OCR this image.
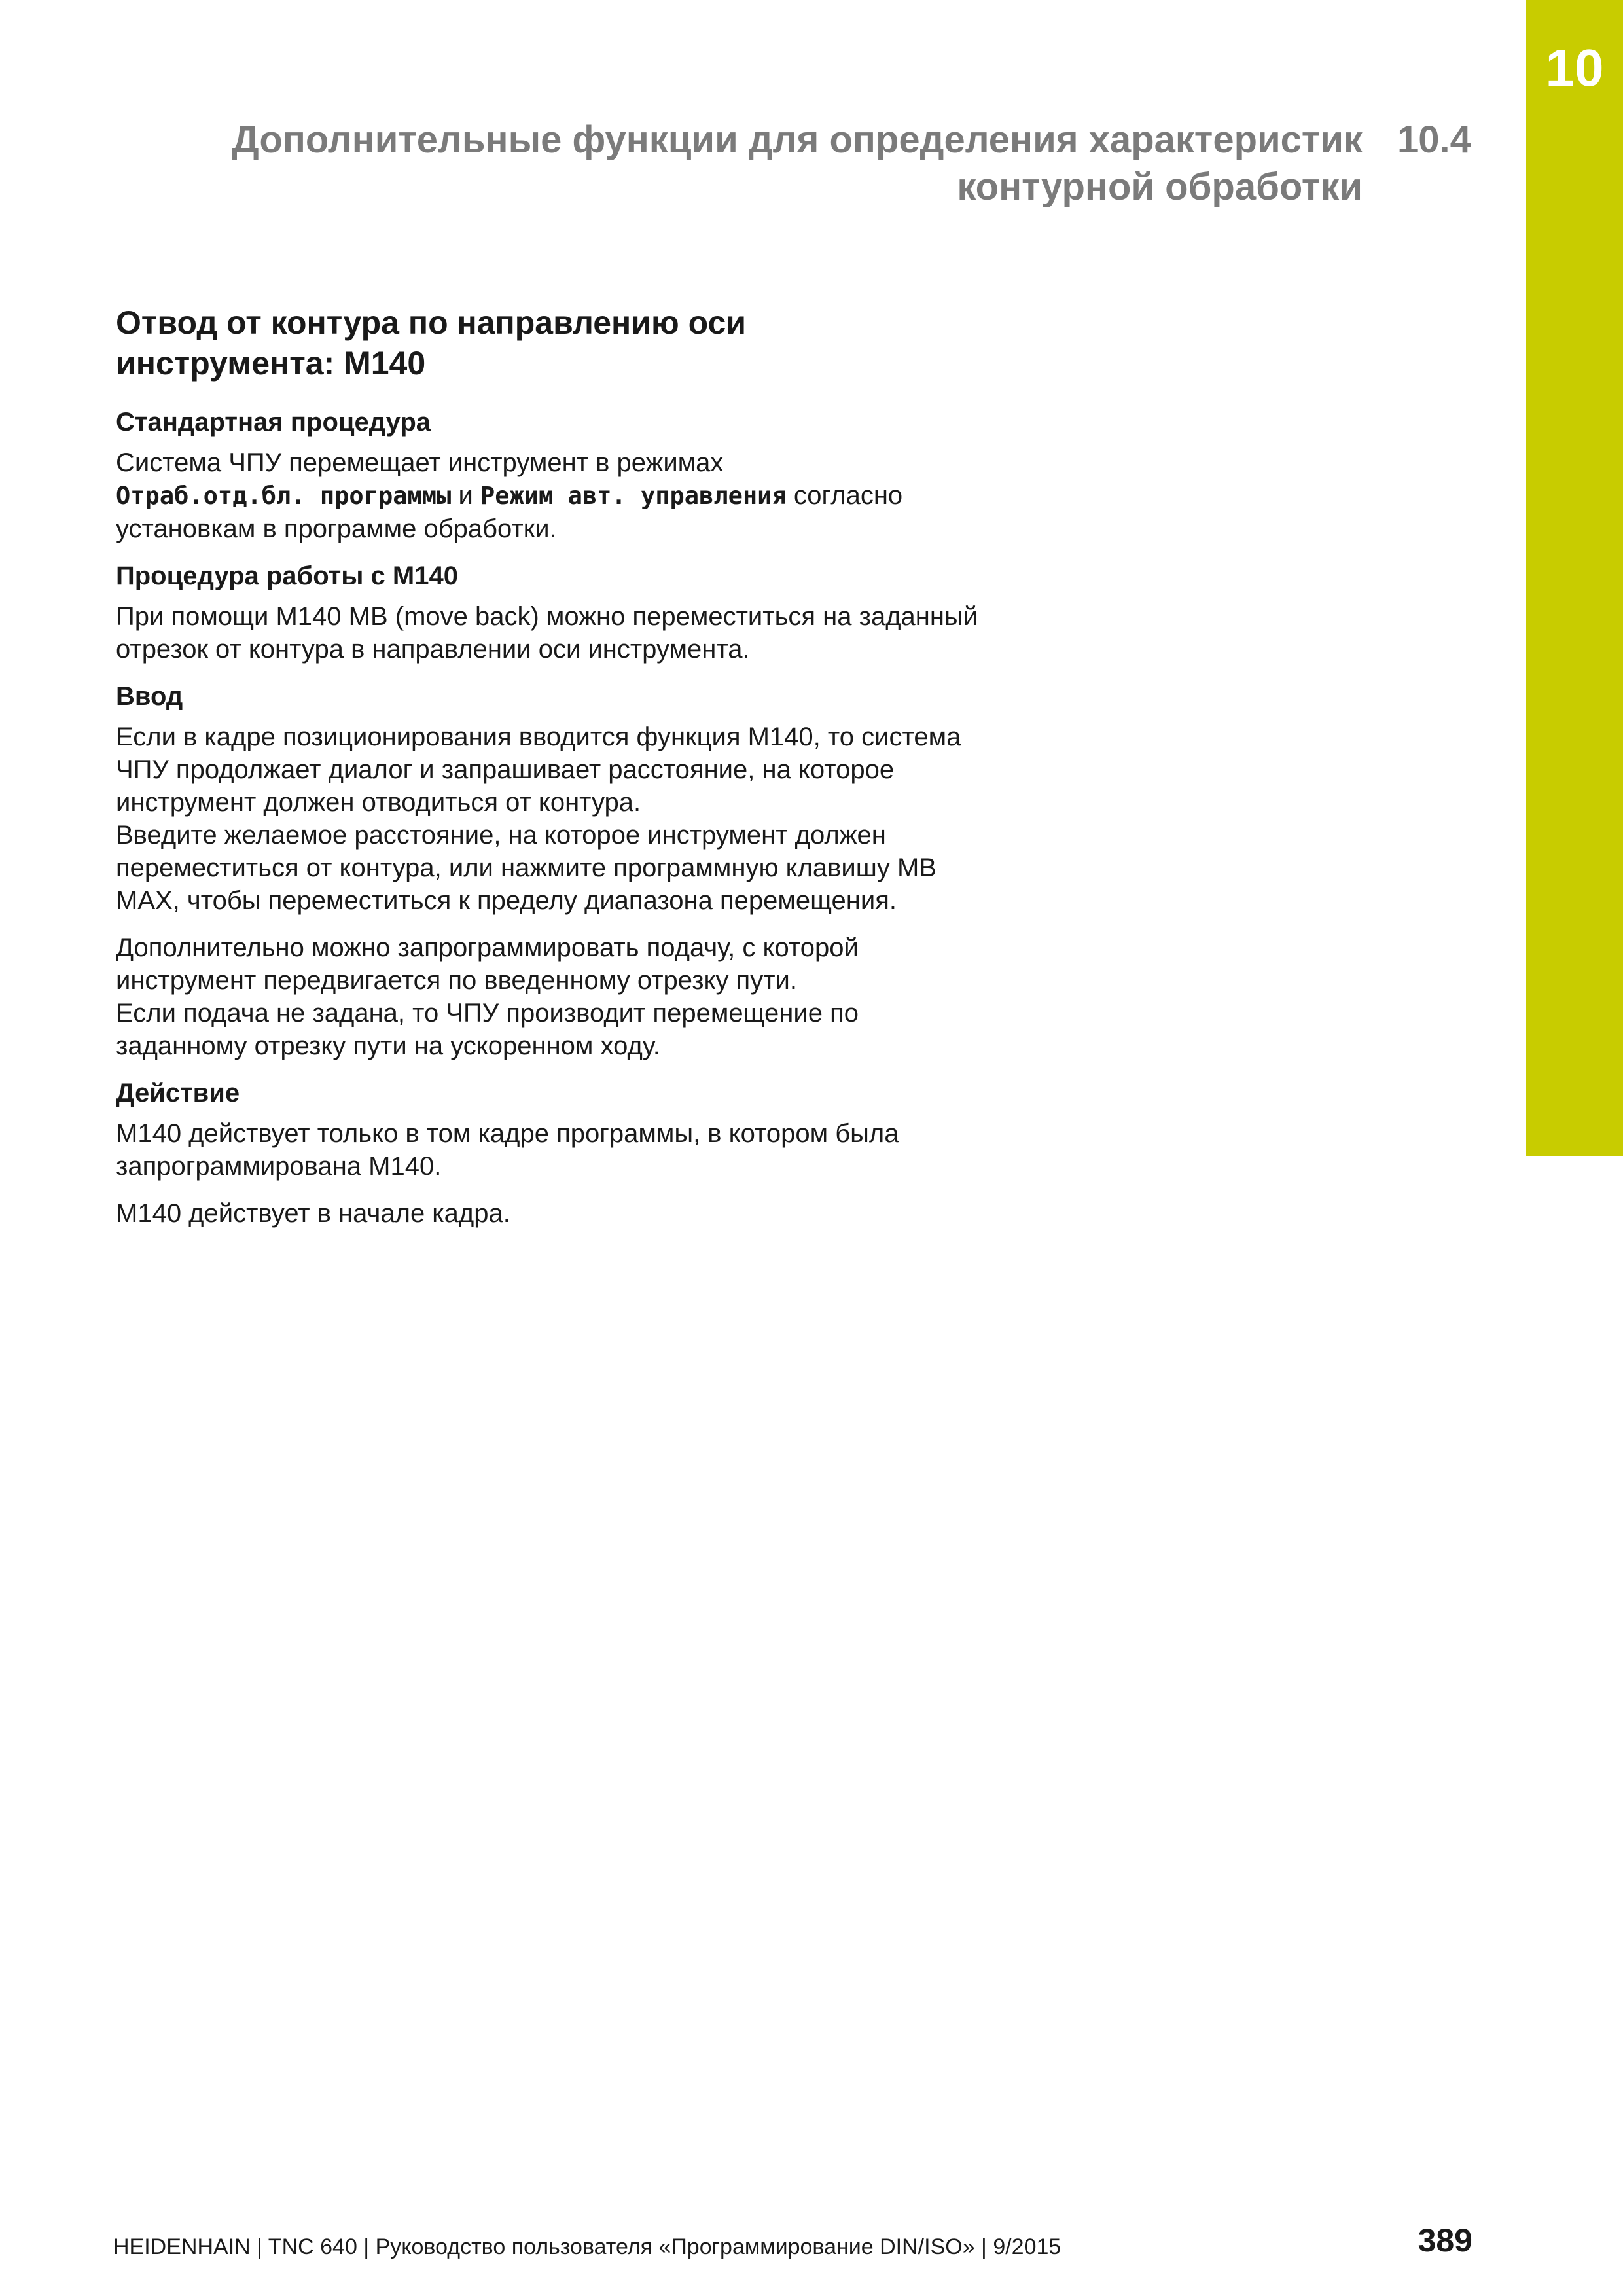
10
Дополнительные функции для определения характеристик
контурной обработки
10.4
Отвод от контура по направлению оси
инструмента: M140
Стандартная процедура

Система ЧПУ перемещает инструмент в режимах
Отраб.отд.бл. программы и Режим авт. управления согласно установкам в программе обработки.

Процедура работы с M140

При помощи M140 MB (move back) можно переместиться на заданный отрезок от контура в направлении оси инструмента.

Ввод

Если в кадре позиционирования вводится функция M140, то система ЧПУ продолжает диалог и запрашивает расстояние, на которое инструмент должен отводиться от контура.
Введите желаемое расстояние, на которое инструмент должен переместиться от контура, или нажмите программную клавишу MB MAX, чтобы переместиться к пределу диапазона перемещения.

Дополнительно можно запрограммировать подачу, с которой инструмент передвигается по введенному отрезку пути.
Если подача не задана, то ЧПУ производит перемещение по заданному отрезку пути на ускоренном ходу.

Действие

M140 действует только в том кадре программы, в котором была запрограммирована M140.

M140 действует в начале кадра.

HEIDENHAIN | TNC 640 | Руководство пользователя «Программирование DIN/ISO» | 9/2015	389
